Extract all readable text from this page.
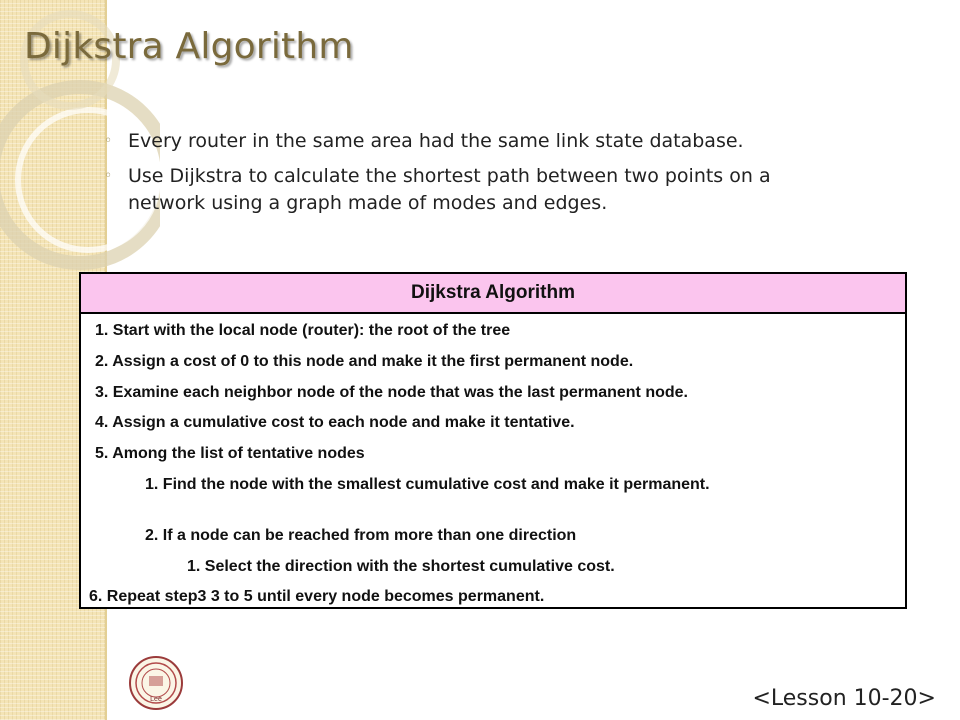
Dijkstra Algorithm
◦ Every router in the same area had the same link state database.
◦ Use Dijkstra to calculate the shortest path between two points on a network using a graph made of modes and edges.
Dijkstra Algorithm
1. Start with the local node (router): the root of the tree
2. Assign a cost of 0 to this node and make it the first permanent node.
3. Examine each neighbor node of the node that was the last permanent node.
4. Assign a cumulative cost to each node and make it tentative.
5. Among the list of tentative nodes
1. Find the node with the smallest cumulative cost and make it permanent.
2. If a node can be reached from more than one direction
1. Select the direction with the shortest cumulative cost.
6. Repeat step3 3 to 5 until every node becomes permanent.
Lee	<Lesson 10-20>
